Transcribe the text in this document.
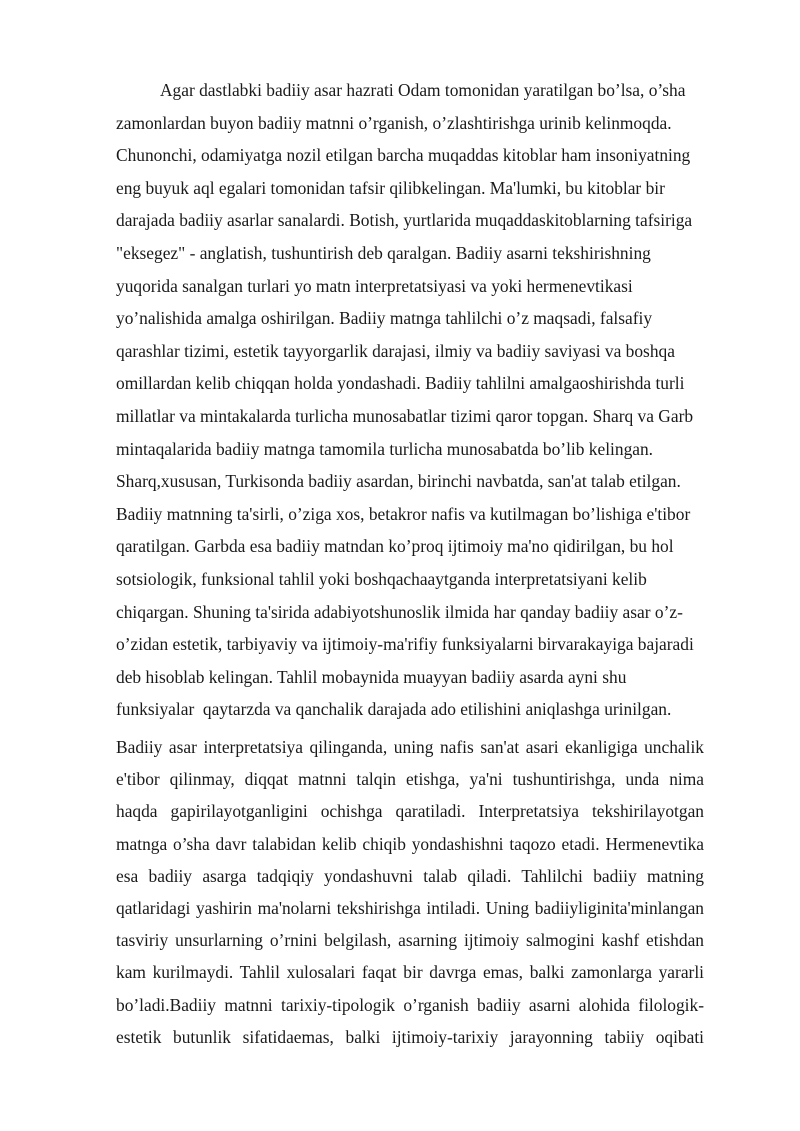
Agar dastlabki badiiy asar hazrati Odam tomonidan yaratilgan bo’lsa, o’sha
zamonlardan buyon badiiy matnni o’rganish, o’zlashtirishga urinib kelinmoqda.
Chunonchi, odamiyatga nozil etilgan barcha muqaddas kitoblar ham insoniyatning
eng buyuk aql egalari tomonidan tafsir qilibkelingan. Ma'lumki, bu kitoblar bir
darajada badiiy asarlar sanalardi. Botish, yurtlarida muqaddaskitoblarning tafsiriga
"eksegez" - anglatish, tushuntirish deb qaralgan. Badiiy asarni tekshirishning
yuqorida sanalgan turlari yo matn interpretatsiyasi va yoki hermenevtikasi
yo’nalishida amalga oshirilgan. Badiiy matnga tahlilchi o’z maqsadi, falsafiy
qarashlar tizimi, estetik tayyorgarlik darajasi, ilmiy va badiiy saviyasi va boshqa
omillardan kelib chiqqan holda yondashadi. Badiiy tahlilni amalgaoshirishda turli
millatlar va mintakalarda turlicha munosabatlar tizimi qaror topgan. Sharq va Garb
mintaqalarida badiiy matnga tamomila turlicha munosabatda bo’lib kelingan.
Sharq,xususan, Turkisonda badiiy asardan, birinchi navbatda, san'at talab etilgan.
Badiiy matnning ta'sirli, o’ziga xos, betakror nafis va kutilmagan bo’lishiga e'tibor
qaratilgan. Garbda esa badiiy matndan ko’proq ijtimoiy ma'no qidirilgan, bu hol
sotsiologik, funksional tahlil yoki boshqachaaytganda interpretatsiyani kelib
chiqargan. Shuning ta'sirida adabiyotshunoslik ilmida har qanday badiiy asar o’z-
o’zidan estetik, tarbiyaviy va ijtimoiy-ma'rifiy funksiyalarni birvarakayiga bajaradi
deb hisoblab kelingan. Tahlil mobaynida muayyan badiiy asarda ayni shu
funksiyalar  qaytarzda va qanchalik darajada ado etilishini aniqlashga urinilgan.
Badiiy asar interpretatsiya qilinganda, uning nafis san'at asari ekanligiga unchalik
e'tibor qilinmay, diqqat matnni talqin etishga, ya'ni tushuntirishga, unda nima
haqda gapirilayotganligini ochishga qaratiladi. Interpretatsiya tekshirilayotgan
matnga o’sha davr talabidan kelib chiqib yondashishni taqozo etadi. Hermenevtika
esa badiiy asarga tadqiqiy yondashuvni talab qiladi. Tahlilchi badiiy matning
qatlaridagi yashirin ma'nolarni tekshirishga intiladi. Uning badiiyliginita'minlangan
tasviriy unsurlarning o’rnini belgilash, asarning ijtimoiy salmogini kashf etishdan
kam kurilmaydi. Tahlil xulosalari faqat bir davrga emas, balki zamonlarga yararli
bo’ladi.Badiiy matnni tarixiy-tipologik o’rganish badiiy asarni alohida filologik-
estetik butunlik sifatidaemas, balki ijtimoiy-tarixiy jarayonning tabiiy oqibati
